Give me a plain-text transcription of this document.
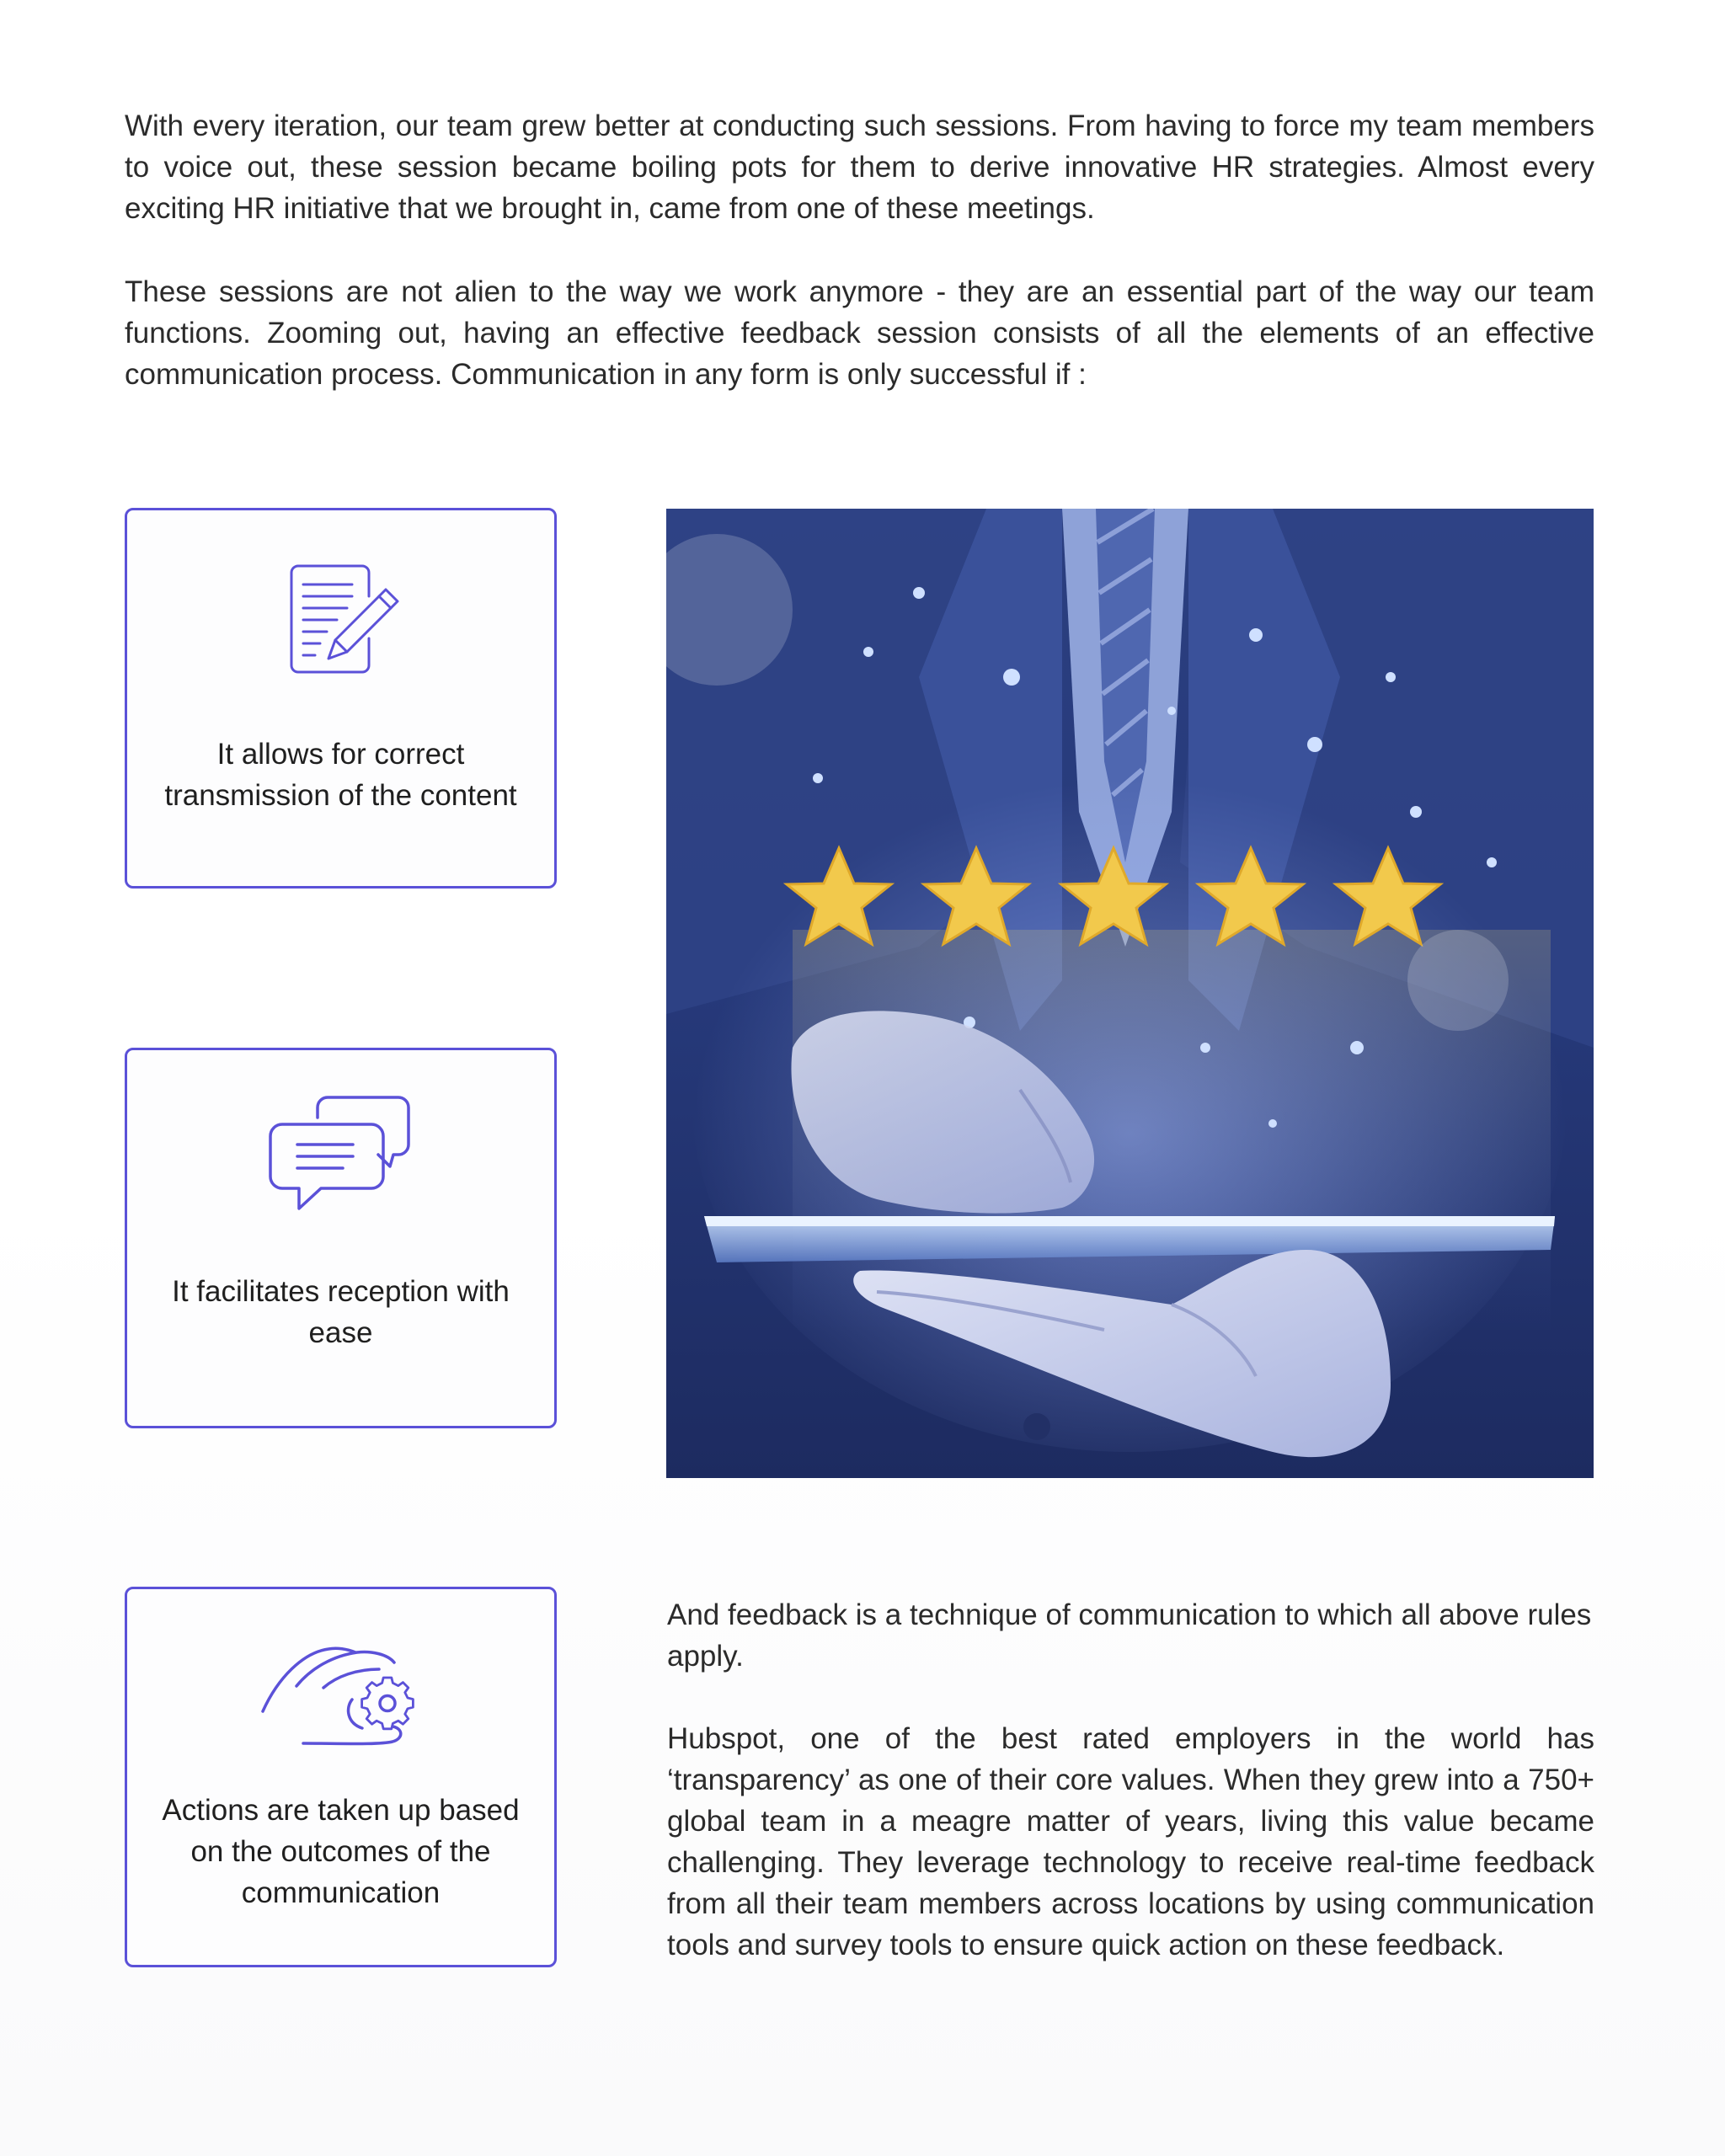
With every iteration, our team grew better at conducting such sessions. From having to force my team members to voice out, these session became boiling pots for them to derive innovative HR strategies. Almost every exciting HR initiative that we brought in, came from one of these meetings.

These sessions are not alien to the way we work anymore - they are an essential part of the way our team functions. Zooming out, having an effective feedback session consists of all the elements of an effective communication process. Communication in any form is only successful if :

It allows for correct transmission of the content
It facilitates reception with ease
Actions are taken up based on the outcomes of the communication

And feedback is a technique of communication to which all above rules apply.

Hubspot, one of the best rated employers in the world has ‘transparency’ as one of their core values. When they grew into a 750+ global team in a meagre matter of years, living this value became challenging. They leverage technology to receive real-time feedback from all their team members across locations by using communication tools and survey tools to ensure quick action on these feedback.
